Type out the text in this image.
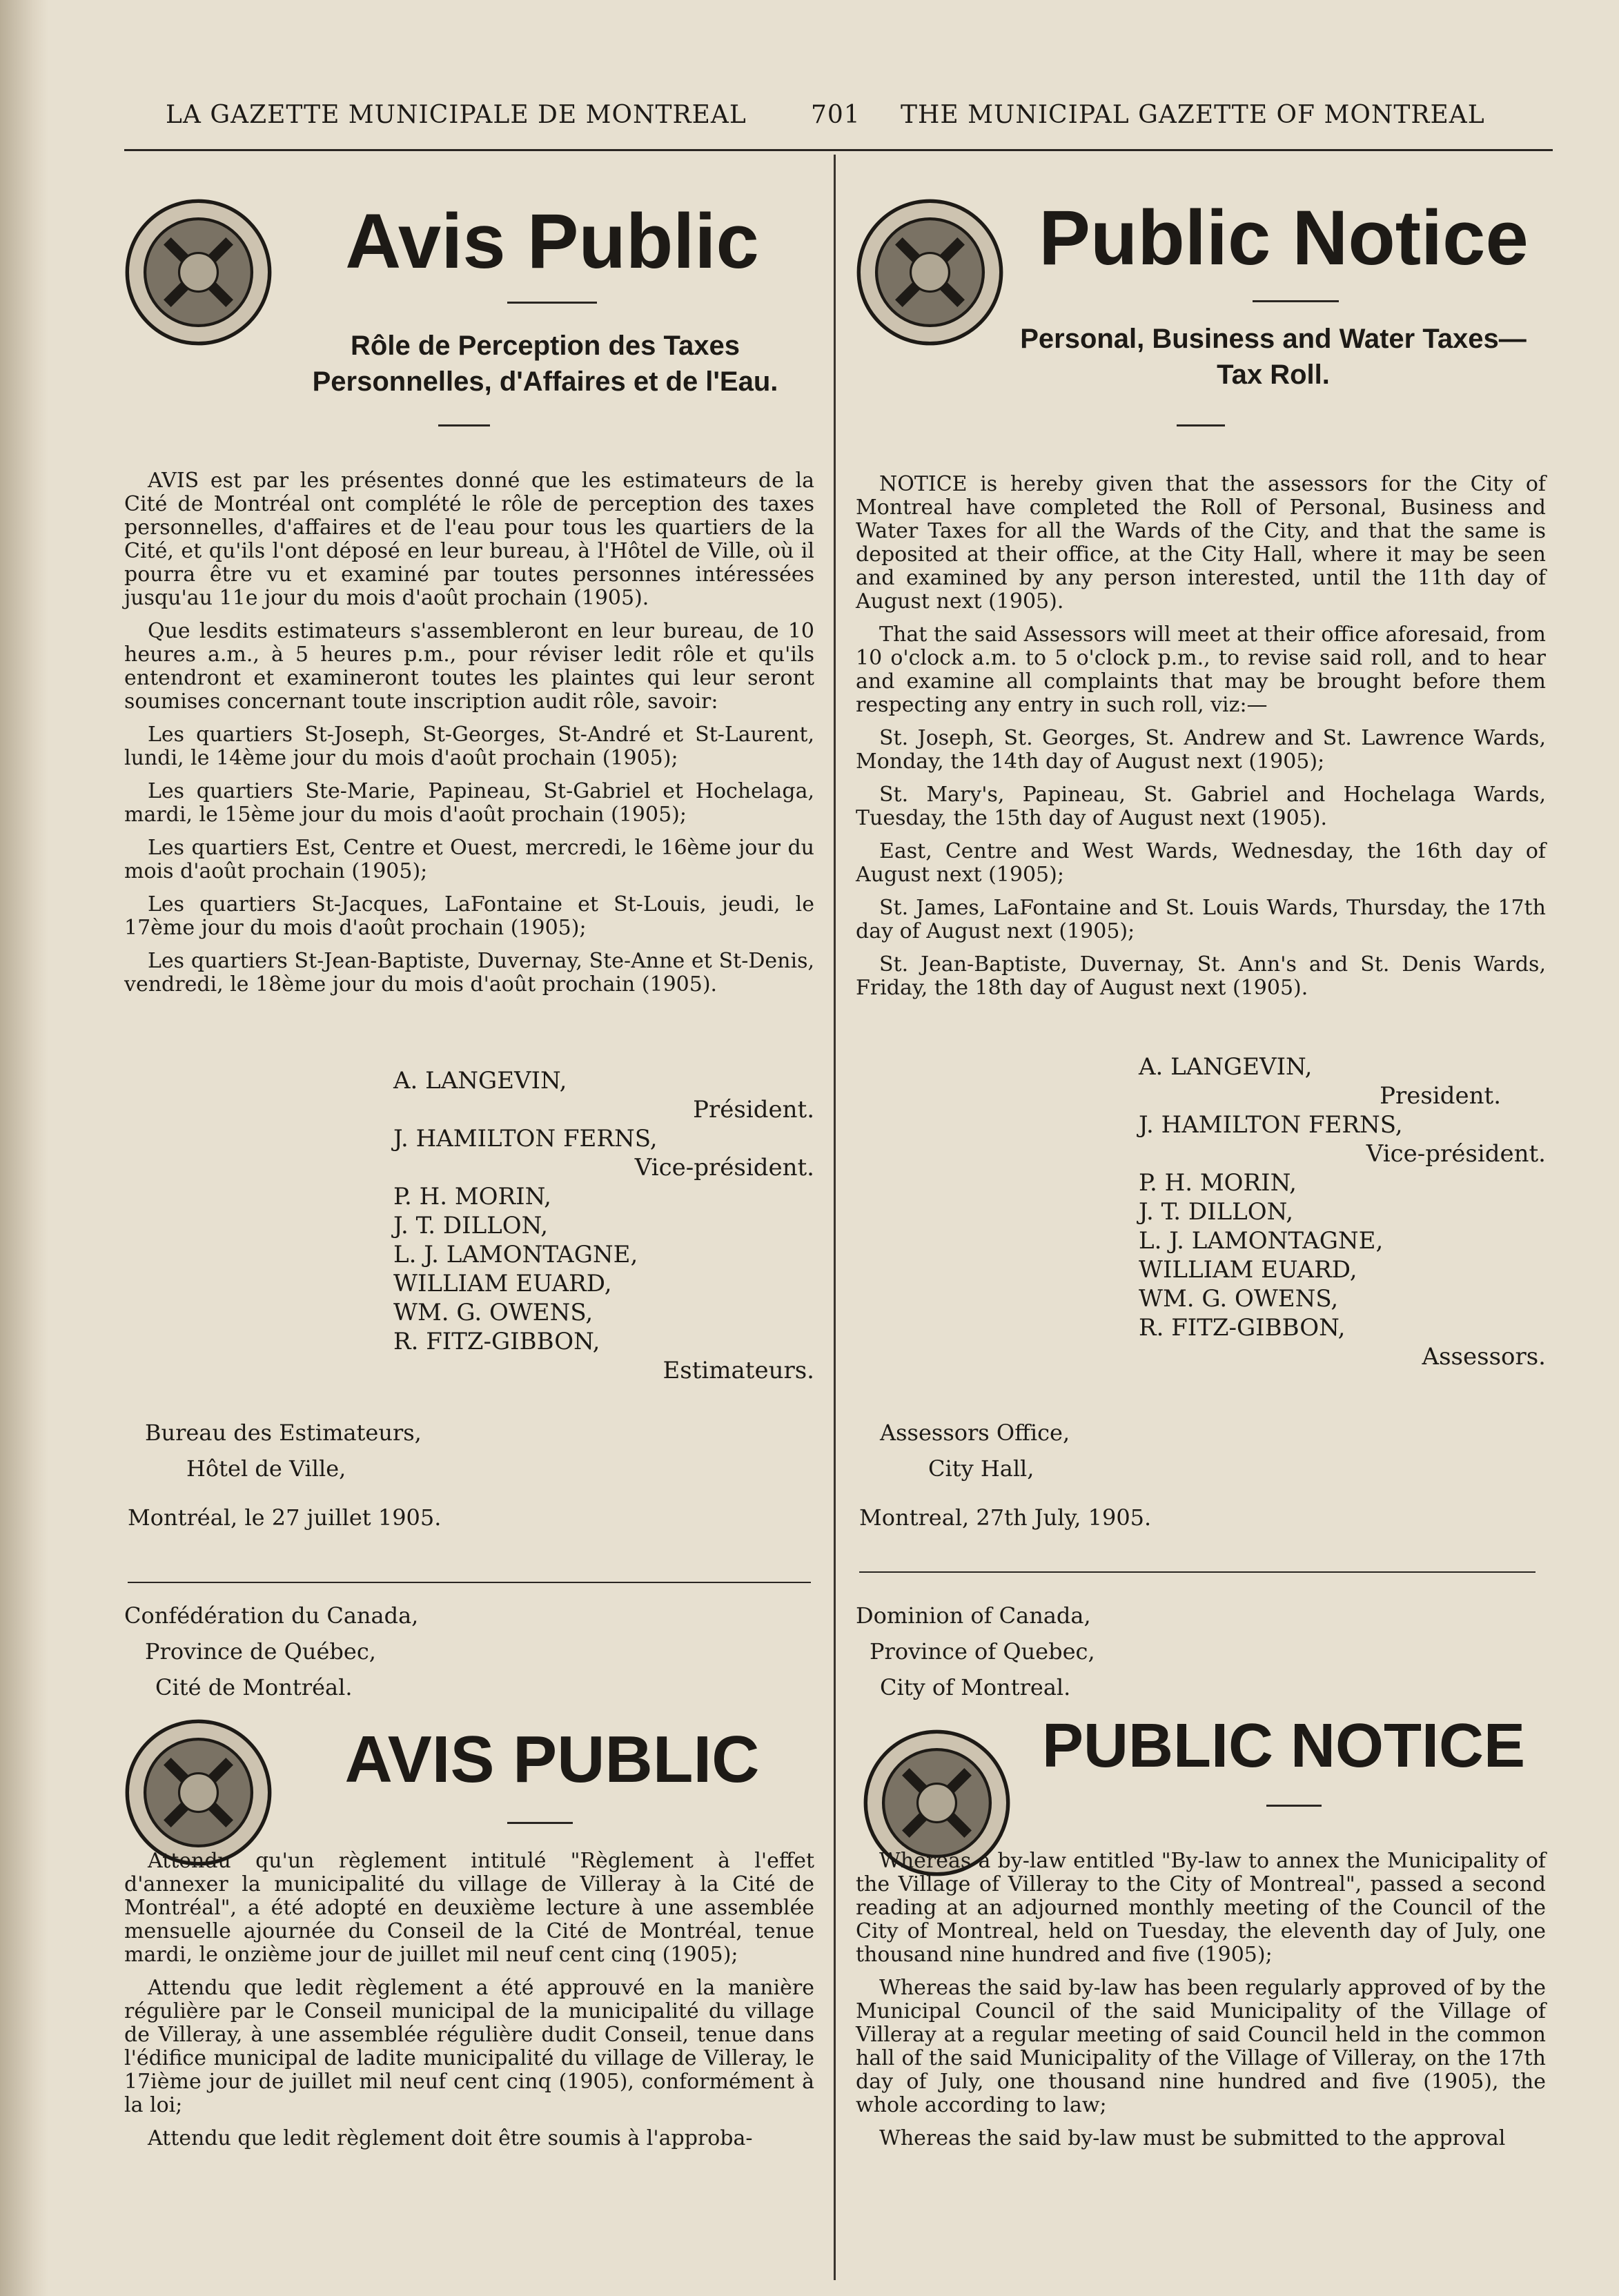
LA GAZETTE MUNICIPALE DE MONTREAL	701 THE MUNICIPAL GAZETTE OF MONTREAL
Avis Public
Rôle de Perception des Taxes Personnelles, d'Affaires et de l'Eau.

AVIS est par les présentes donné que les estimateurs de la Cité de Montréal ont complété le rôle de perception des taxes personnelles, d'affaires et de l'eau pour tous les quartiers de la Cité, et qu'ils l'ont déposé en leur bureau, à l'Hôtel de Ville, où il pourra être vu et examiné par toutes personnes intéressées jusqu'au 11e jour du mois d'août prochain (1905).

Que lesdits estimateurs s'assembleront en leur bureau, de 10 heures a.m., à 5 heures p.m., pour réviser ledit rôle et qu'ils entendront et examineront toutes les plaintes qui leur seront soumises concernant toute inscription audit rôle, savoir:

Les quartiers St-Joseph, St-Georges, St-André et St-Laurent, lundi, le 14ème jour du mois d'août prochain (1905);

Les quartiers Ste-Marie, Papineau, St-Gabriel et Hochelaga, mardi, le 15ème jour du mois d'août prochain (1905);

Les quartiers Est, Centre et Ouest, mercredi, le 16ème jour du mois d'août prochain (1905);

Les quartiers St-Jacques, LaFontaine et St-Louis, jeudi, le 17ème jour du mois d'août prochain (1905);

Les quartiers St-Jean-Baptiste, Duvernay, Ste-Anne et St-Denis, vendredi, le 18ème jour du mois d'août prochain (1905).

A. LANGEVIN,
Président.
J. HAMILTON FERNS,
Vice-président.
P. H. MORIN,
J. T. DILLON,
L. J. LAMONTAGNE,
WILLIAM EUARD,
WM. G. OWENS,
R. FITZ-GIBBON,
Estimateurs.
Bureau des Estimateurs,
Hôtel de Ville,
Montréal, le 27 juillet 1905.
Confédération du Canada,
Province de Québec,
Cité de Montréal.
AVIS PUBLIC

Attendu qu'un règlement intitulé "Règlement à l'effet d'annexer la municipalité du village de Villeray à la Cité de Montréal", a été adopté en deuxième lecture à une assemblée mensuelle ajournée du Conseil de la Cité de Montréal, tenue mardi, le onzième jour de juillet mil neuf cent cinq (1905);

Attendu que ledit règlement a été approuvé en la manière régulière par le Conseil municipal de la municipalité du village de Villeray, à une assemblée régulière dudit Conseil, tenue dans l'édifice municipal de ladite municipalité du village de Villeray, le 17ième jour de juillet mil neuf cent cinq (1905), conformément à la loi;

Attendu que ledit règlement doit être soumis à l'approba-

Public Notice
Personal, Business and Water Taxes— Tax Roll.

NOTICE is hereby given that the assessors for the City of Montreal have completed the Roll of Personal, Business and Water Taxes for all the Wards of the City, and that the same is deposited at their office, at the City Hall, where it may be seen and examined by any person interested, until the 11th day of August next (1905).

That the said Assessors will meet at their office aforesaid, from 10 o'clock a.m. to 5 o'clock p.m., to revise said roll, and to hear and examine all complaints that may be brought before them respecting any entry in such roll, viz:—

St. Joseph, St. Georges, St. Andrew and St. Lawrence Wards, Monday, the 14th day of August next (1905);

St. Mary's, Papineau, St. Gabriel and Hochelaga Wards, Tuesday, the 15th day of August next (1905).

East, Centre and West Wards, Wednesday, the 16th day of August next (1905);

St. James, LaFontaine and St. Louis Wards, Thursday, the 17th day of August next (1905);

St. Jean-Baptiste, Duvernay, St. Ann's and St. Denis Wards, Friday, the 18th day of August next (1905).

A. LANGEVIN,
President.
J. HAMILTON FERNS,
Vice-président.
P. H. MORIN,
J. T. DILLON,
L. J. LAMONTAGNE,
WILLIAM EUARD,
WM. G. OWENS,
R. FITZ-GIBBON,
Assessors.
Assessors Office,
City Hall,
Montreal, 27th July, 1905.
Dominion of Canada,
Province of Quebec,
City of Montreal.
PUBLIC NOTICE

Whereas a by-law entitled "By-law to annex the Municipality of the Village of Villeray to the City of Montreal", passed a second reading at an adjourned monthly meeting of the Council of the City of Montreal, held on Tuesday, the eleventh day of July, one thousand nine hundred and five (1905);

Whereas the said by-law has been regularly approved of by the Municipal Council of the said Municipality of the Village of Villeray at a regular meeting of said Council held in the common hall of the said Municipality of the Village of Villeray, on the 17th day of July, one thousand nine hundred and five (1905), the whole according to law;

Whereas the said by-law must be submitted to the approval
